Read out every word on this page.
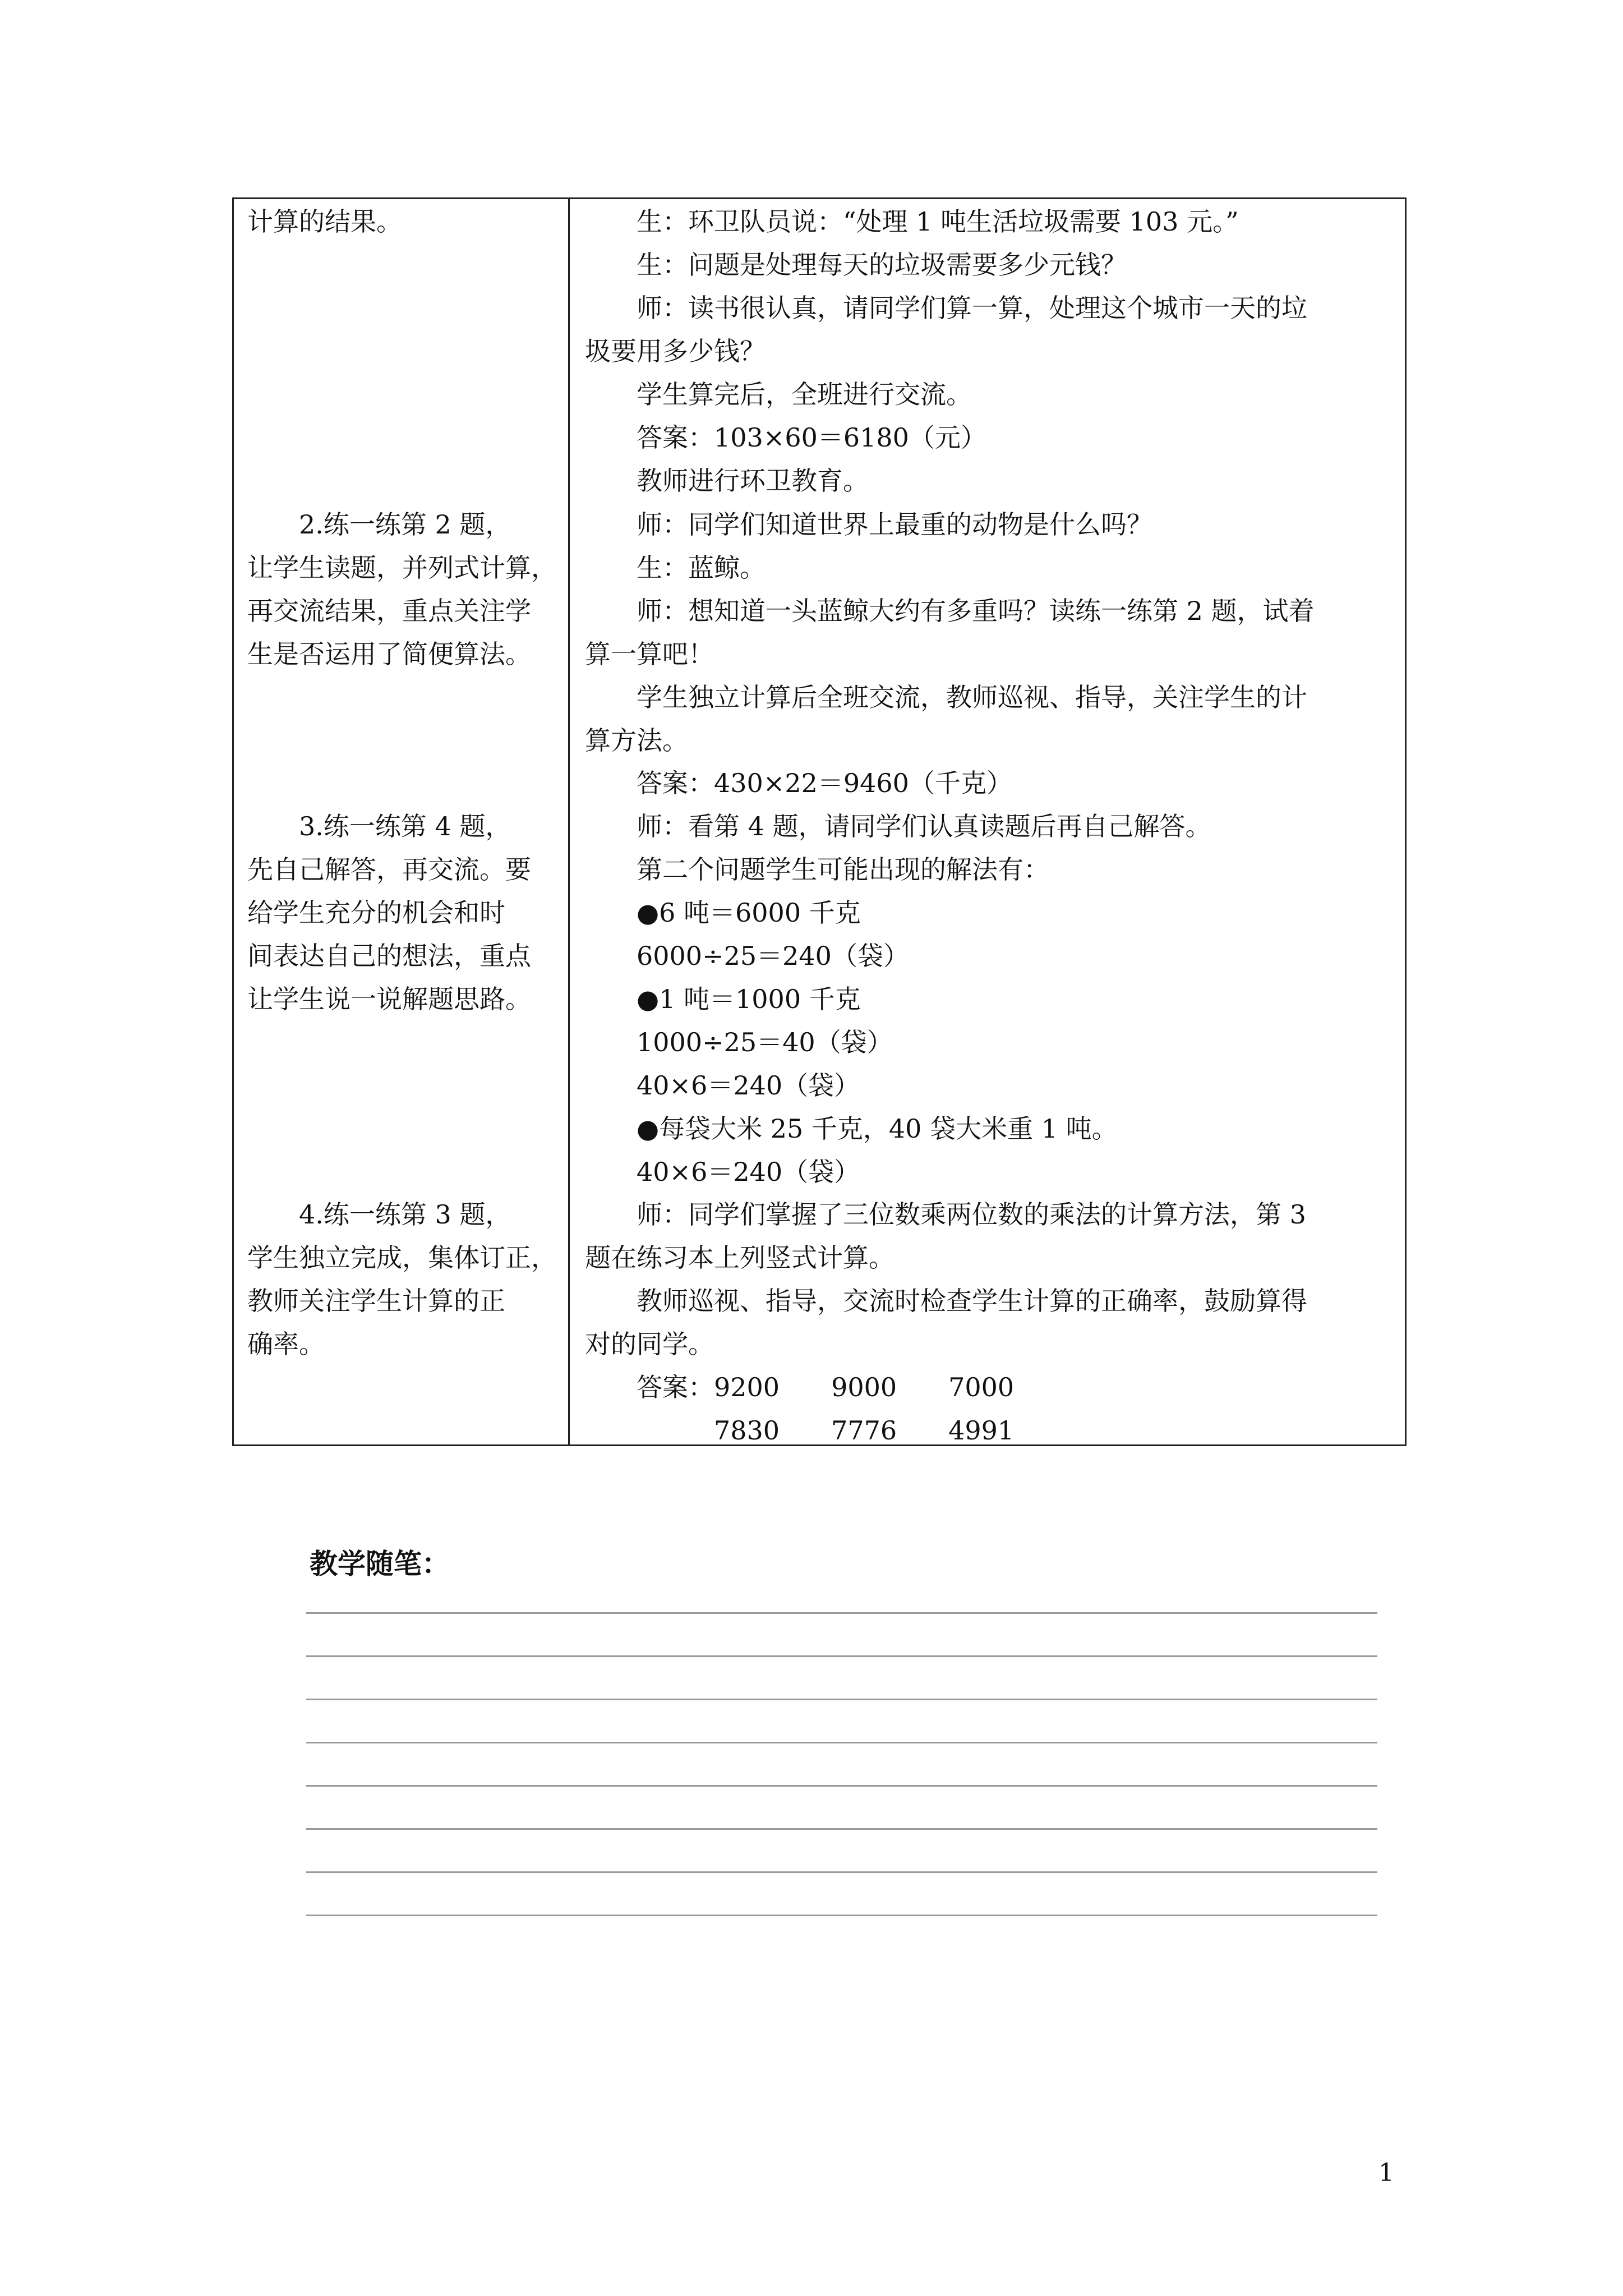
计算的结果。
　　2.练一练第 2 题，
让学生读题，并列式计算，
再交流结果，重点关注学
生是否运用了简便算法。
　　3.练一练第 4 题，
先自己解答，再交流。要
给学生充分的机会和时
间表达自己的想法，重点
让学生说一说解题思路。
　　4.练一练第 3 题，
学生独立完成，集体订正，
教师关注学生计算的正
确率。
　　生：环卫队员说：“处理 1 吨生活垃圾需要 103 元。”
　　生：问题是处理每天的垃圾需要多少元钱？
　　师：读书很认真，请同学们算一算，处理这个城市一天的垃
圾要用多少钱？
　　学生算完后，全班进行交流。
　　答案：103×60＝6180（元）
　　教师进行环卫教育。
　　师：同学们知道世界上最重的动物是什么吗？
　　生：蓝鲸。
　　师：想知道一头蓝鲸大约有多重吗？读练一练第 2 题，试着
算一算吧！
　　学生独立计算后全班交流，教师巡视、指导，关注学生的计
算方法。
　　答案：430×22＝9460（千克）
　　师：看第 4 题，请同学们认真读题后再自己解答。
　　第二个问题学生可能出现的解法有：
　　●6 吨＝6000 千克
　　6000÷25＝240（袋）
　　●1 吨＝1000 千克
　　1000÷25＝40（袋）
　　40×6＝240（袋）
　　●每袋大米 25 千克，40 袋大米重 1 吨。
　　40×6＝240（袋）
　　师：同学们掌握了三位数乘两位数的乘法的计算方法，第 3
题在练习本上列竖式计算。
　　教师巡视、指导，交流时检查学生计算的正确率，鼓励算得
对的同学。
　　答案：9200　　9000　　7000
　　　　　7830　　7776　　4991
教学随笔：
1
